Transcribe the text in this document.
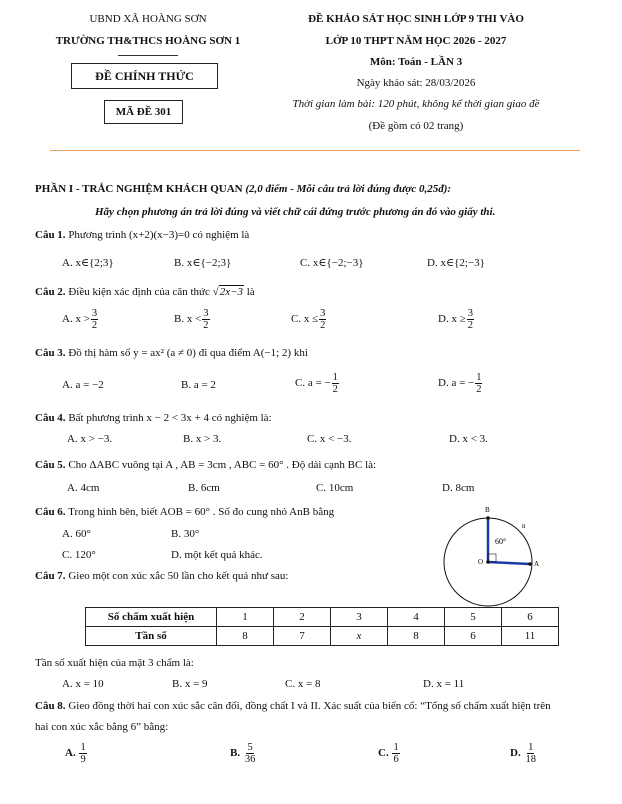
UBND XÃ HOÀNG SƠN
TRƯỜNG TH&THCS HOÀNG SƠN 1
ĐỀ CHÍNH THỨC
MÃ ĐỀ 301
ĐỀ KHẢO SÁT HỌC SINH LỚP 9 THI VÀO
LỚP 10 THPT NĂM HỌC 2026 - 2027
Môn: Toán - LẦN 3
Ngày khảo sát: 28/03/2026
Thời gian làm bài: 120 phút, không kể thời gian giao đề
(Đề gồm có 02 trang)
PHẦN I - TRẮC NGHIỆM KHÁCH QUAN (2,0 điểm - Mỗi câu trả lời đúng được 0,25đ):
Hãy chọn phương án trả lời đúng và viết chữ cái đứng trước phương án đó vào giấy thi.
Câu 1. Phương trình (x+2)(x−3)=0 có nghiệm là
A. x∈{2;3}	B. x∈{−2;3}	C. x∈{−2;−3}	D. x∈{2;−3}
Câu 2. Điều kiện xác định của căn thức √2x−3 là
A. $x > \frac{3}{2}$	B. $x < \frac{3}{2}$	C. $x \le \frac{3}{2}$	D. $x \ge \frac{3}{2}$
Câu 3. Đồ thị hàm số y = ax² (a ≠ 0) đi qua điểm A(−1; 2) khi
A. a = −2	B. a = 2	C. a = − $\frac{1}{2}$	D. a = − $\frac{1}{2}$
Câu 4. Bất phương trình x − 2 < 3x + 4 có nghiệm là:
A. x > −3.	B. x > 3.	C. x < −3.	D. x < 3.
Câu 5. Cho ΔABC vuông tại A , AB = 3cm , ABC = 60° . Độ dài cạnh BC là:
A. 4cm	B. 6cm	C. 10cm	D. 8cm
Câu 6. Trong hình bên, biết AOB = 60° . Số đo cung nhỏ AnB bằng
A. 60°	B. 30°
C. 120°	D. một kết quả khác.
B
n
O	A
60°
Câu 7. Gieo một con xúc xắc 50 lần cho kết quả như sau:
Số chấm xuất hiện	1	2	3	4	5	6
Tần số	8	7	x	8	6	11
Tần số xuất hiện của mặt 3 chấm là:
A. x = 10	B. x = 9	C. x = 8	D. x = 11
Câu 8. Gieo đồng thời hai con xúc sắc cân đối, đồng chất I và II. Xác suất của biến cố: “Tổng số chấm xuất hiện trên
hai con xúc xắc bằng 6” bằng:
A. $\frac{1}{9}$	B. $\frac{5}{36}$	C. $\frac{1}{6}$	D. $\frac{1}{18}$
